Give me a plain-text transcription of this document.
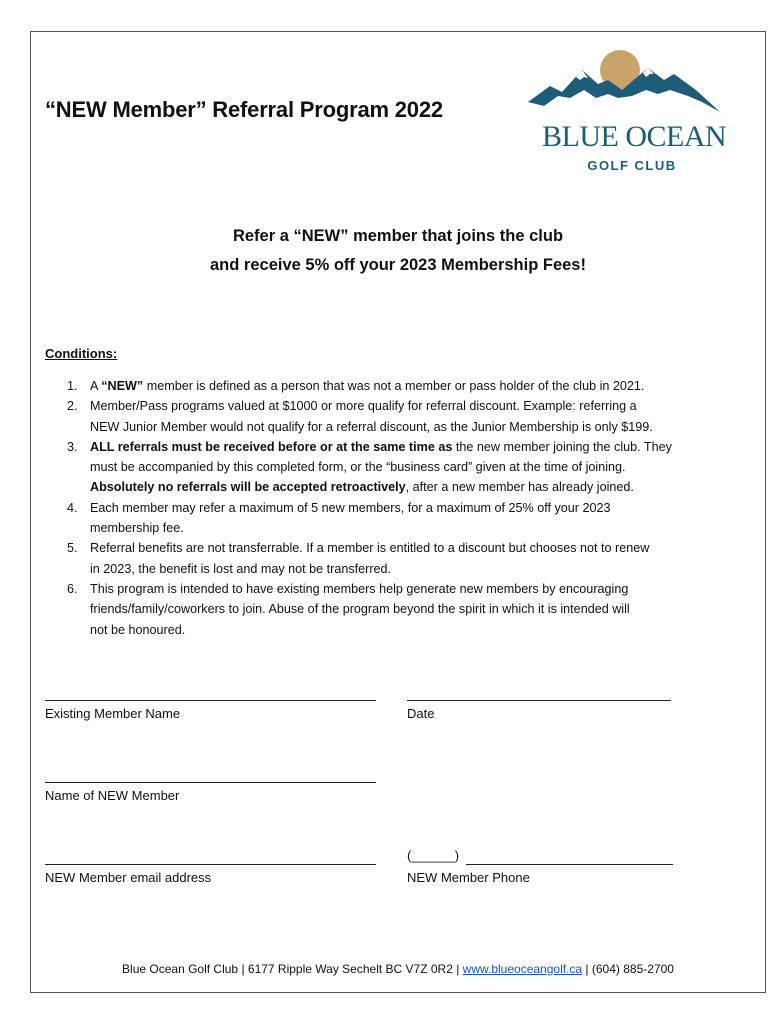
“NEW Member” Referral Program 2022
BLUE OCEAN
GOLF CLUB
Refer a “NEW” member that joins the club
and receive 5% off your 2023 Membership Fees!
Conditions:
1. A “NEW” member is defined as a person that was not a member or pass holder of the club in 2021.
2. Member/Pass programs valued at $1000 or more qualify for referral discount. Example: referring a
NEW Junior Member would not qualify for a referral discount, as the Junior Membership is only $199.
3. ALL referrals must be received before or at the same time as the new member joining the club. They
must be accompanied by this completed form, or the “business card” given at the time of joining.
Absolutely no referrals will be accepted retroactively, after a new member has already joined.
4. Each member may refer a maximum of 5 new members, for a maximum of 25% off your 2023
membership fee.
5. Referral benefits are not transferrable. If a member is entitled to a discount but chooses not to renew
in 2023, the benefit is lost and may not be transferred.
6. This program is intended to have existing members help generate new members by encouraging
friends/family/coworkers to join. Abuse of the program beyond the spirit in which it is intended will
not be honoured.
Existing Member Name	Date
Name of NEW Member
NEW Member email address
(______)
NEW Member Phone
Blue Ocean Golf Club | 6177 Ripple Way Sechelt BC V7Z 0R2 | www.blueoceangolf.ca | (604) 885-2700
